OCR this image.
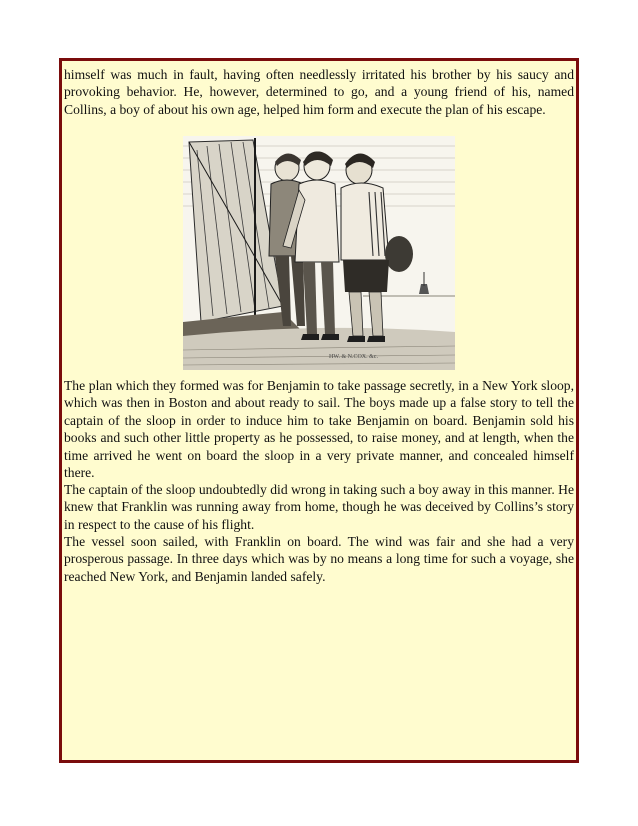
himself was much in fault, having often needlessly irritated his brother by his saucy and provoking behavior. He, however, determined to go, and a young friend of his, named Collins, a boy of about his own age, helped him form and execute the plan of his escape.

HW. & N.COX. &c.

The plan which they formed was for Benjamin to take passage secretly, in a New York sloop, which was then in Boston and about ready to sail. The boys made up a false story to tell the captain of the sloop in order to induce him to take Benjamin on board. Benjamin sold his books and such other little property as he possessed, to raise money, and at length, when the time arrived he went on board the sloop in a very private manner, and concealed himself there.

The captain of the sloop undoubtedly did wrong in taking such a boy away in this manner. He knew that Franklin was running away from home, though he was deceived by Collins’s story in respect to the cause of his flight.

The vessel soon sailed, with Franklin on board. The wind was fair and she had a very prosperous passage. In three days which was by no means a long time for such a voyage, she reached New York, and Benjamin landed safely.
